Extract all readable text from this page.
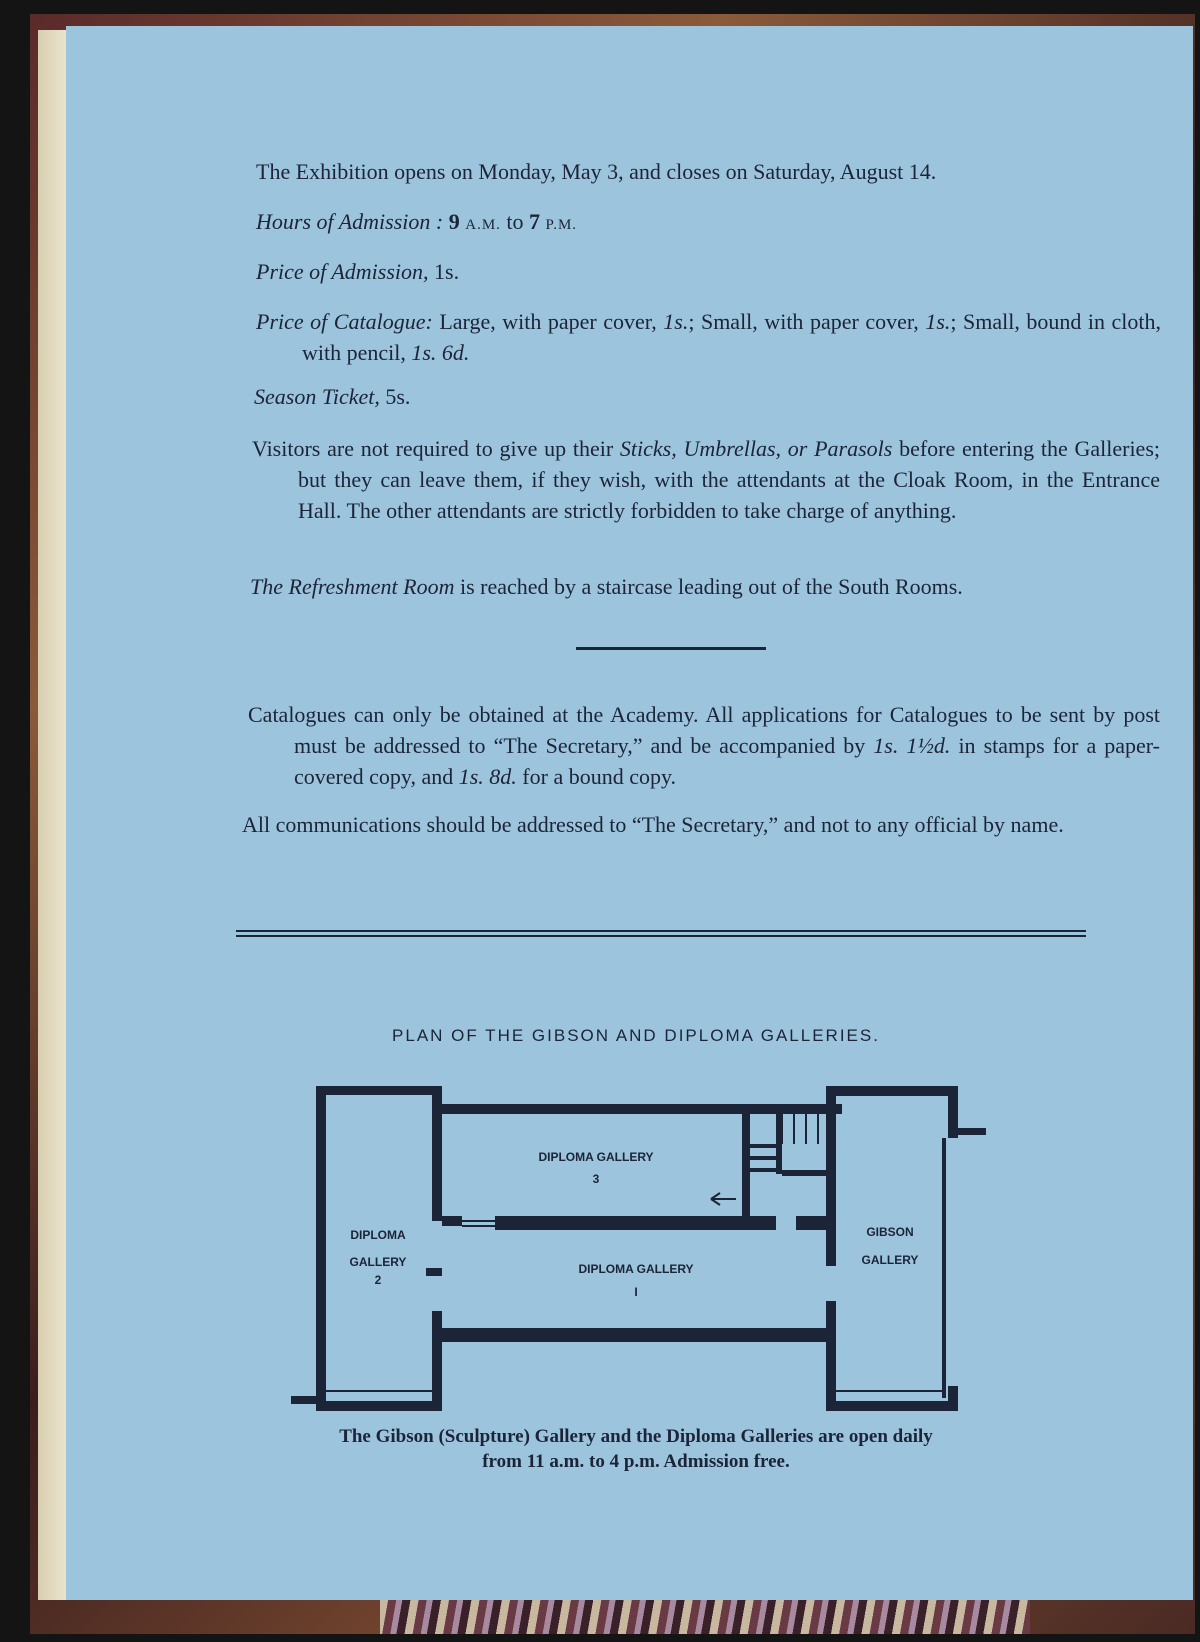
The Exhibition opens on Monday, May 3, and closes on Saturday, August 14.
Hours of Admission : 9 A.M. to 7 P.M.
Price of Admission, 1s.
Price of Catalogue: Large, with paper cover, 1s.; Small, with paper cover, 1s.; Small, bound in cloth, with pencil, 1s. 6d.
Season Ticket, 5s.
Visitors are not required to give up their Sticks, Umbrellas, or Parasols before entering the Galleries; but they can leave them, if they wish, with the attendants at the Cloak Room, in the Entrance Hall. The other attendants are strictly forbidden to take charge of anything.
The Refreshment Room is reached by a staircase leading out of the South Rooms.
Catalogues can only be obtained at the Academy. All applications for Catalogues to be sent by post must be addressed to “The Secretary,” and be accompanied by 1s. 1½d. in stamps for a paper-covered copy, and 1s. 8d. for a bound copy.
All communications should be addressed to “The Secretary,” and not to any official by name.
PLAN OF THE GIBSON AND DIPLOMA GALLERIES.
DIPLOMA GALLERY
3
DIPLOMA
GALLERY
2
DIPLOMA GALLERY
I
GIBSON
GALLERY
The Gibson (Sculpture) Gallery and the Diploma Galleries are open daily
from 11 a.m. to 4 p.m. Admission free.
